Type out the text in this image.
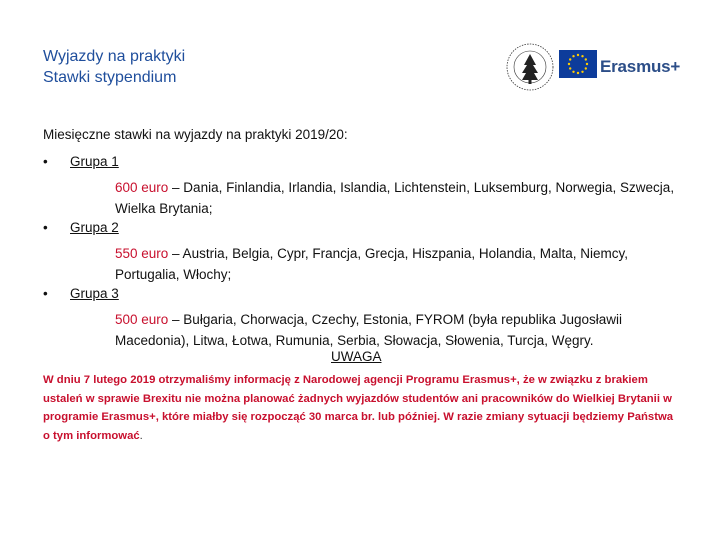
Wyjazdy na praktyki
Stawki stypendium
Erasmus+
Miesięczne stawki na wyjazdy na praktyki 2019/20:
•	Grupa 1
600 euro – Dania, Finlandia, Irlandia, Islandia, Lichtenstein, Luksemburg, Norwegia, Szwecja, Wielka Brytania;
•	Grupa 2
550 euro – Austria, Belgia, Cypr, Francja, Grecja, Hiszpania, Holandia, Malta, Niemcy, Portugalia, Włochy;
•	Grupa 3
500 euro – Bułgaria, Chorwacja, Czechy, Estonia, FYROM (była republika Jugosławii Macedonia), Litwa, Łotwa, Rumunia, Serbia, Słowacja, Słowenia, Turcja, Węgry.
UWAGA
W dniu 7 lutego 2019 otrzymaliśmy informację z Narodowej agencji Programu Erasmus+, że w związku z brakiem ustaleń w sprawie Brexitu nie można planować żadnych wyjazdów studentów ani pracowników do Wielkiej Brytanii w programie Erasmus+, które miałby się rozpocząć 30 marca br. lub później. W razie zmiany sytuacji będziemy Państwa o tym informować.
